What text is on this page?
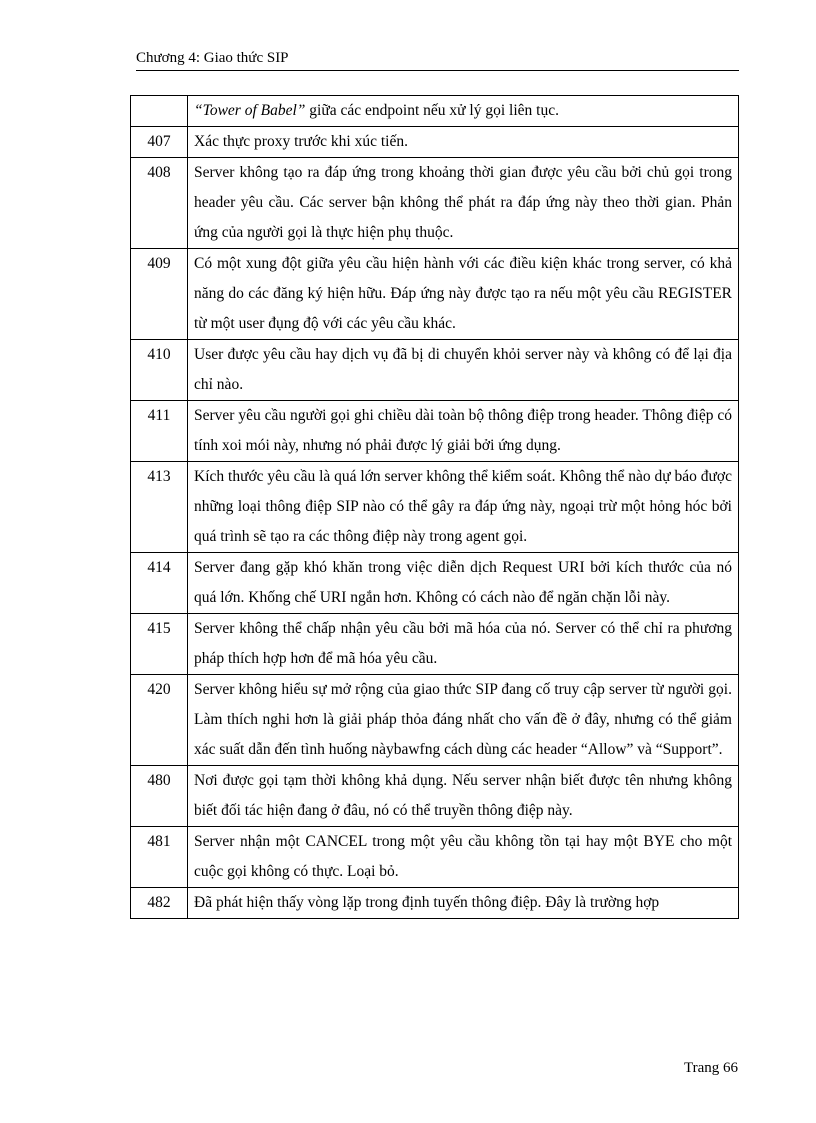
Chương 4: Giao thức SIP
	“Tower of Babel” giữa các endpoint nếu xử lý gọi liên tục.
407	Xác thực proxy trước khi xúc tiến.
408	Server không tạo ra đáp ứng trong khoảng thời gian được yêu cầu bởi chủ gọi trong header yêu cầu. Các server bận không thể phát ra đáp ứng này theo thời gian. Phản ứng của người gọi là thực hiện phụ thuộc.
409	Có một xung đột giữa yêu cầu hiện hành với các điều kiện khác trong server, có khả năng do các đăng ký hiện hữu. Đáp ứng này được tạo ra nếu một yêu cầu REGISTER từ một user đụng độ với các yêu cầu khác.
410	User được yêu cầu hay dịch vụ đã bị di chuyển khỏi server này và không có để lại địa chỉ nào.
411	Server yêu cầu người gọi ghi chiều dài toàn bộ thông điệp trong header. Thông điệp có tính xoi mói này, nhưng nó phải được lý giải bởi ứng dụng.
413	Kích thước yêu cầu là quá lớn server không thể kiểm soát. Không thể nào dự báo được những loại thông điệp SIP nào có thể gây ra đáp ứng này, ngoại trừ một hỏng hóc bởi quá trình sẽ tạo ra các thông điệp này trong agent gọi.
414	Server đang gặp khó khăn trong việc diễn dịch Request URI bởi kích thước của nó quá lớn. Khống chế URI ngắn hơn. Không có cách nào để ngăn chặn lỗi này.
415	Server không thể chấp nhận yêu cầu bởi mã hóa của nó. Server có thể chỉ ra phương pháp thích hợp hơn để mã hóa yêu cầu.
420	Server không hiểu sự mở rộng của giao thức SIP đang cố truy cập server từ người gọi. Làm thích nghi hơn là giải pháp thỏa đáng nhất cho vấn đề ở đây, nhưng có thể giảm xác suất dẫn đến tình huống nàybawfng cách dùng các header “Allow” và “Support”.
480	Nơi được gọi tạm thời không khả dụng. Nếu server nhận biết được tên nhưng không biết đối tác hiện đang ở đâu, nó có thể truyền thông điệp này.
481	Server nhận một CANCEL trong một yêu cầu không tồn tại hay một BYE cho một cuộc gọi không có thực. Loại bỏ.
482	Đã phát hiện thấy vòng lặp trong định tuyến thông điệp. Đây là trường hợp
Trang 66
